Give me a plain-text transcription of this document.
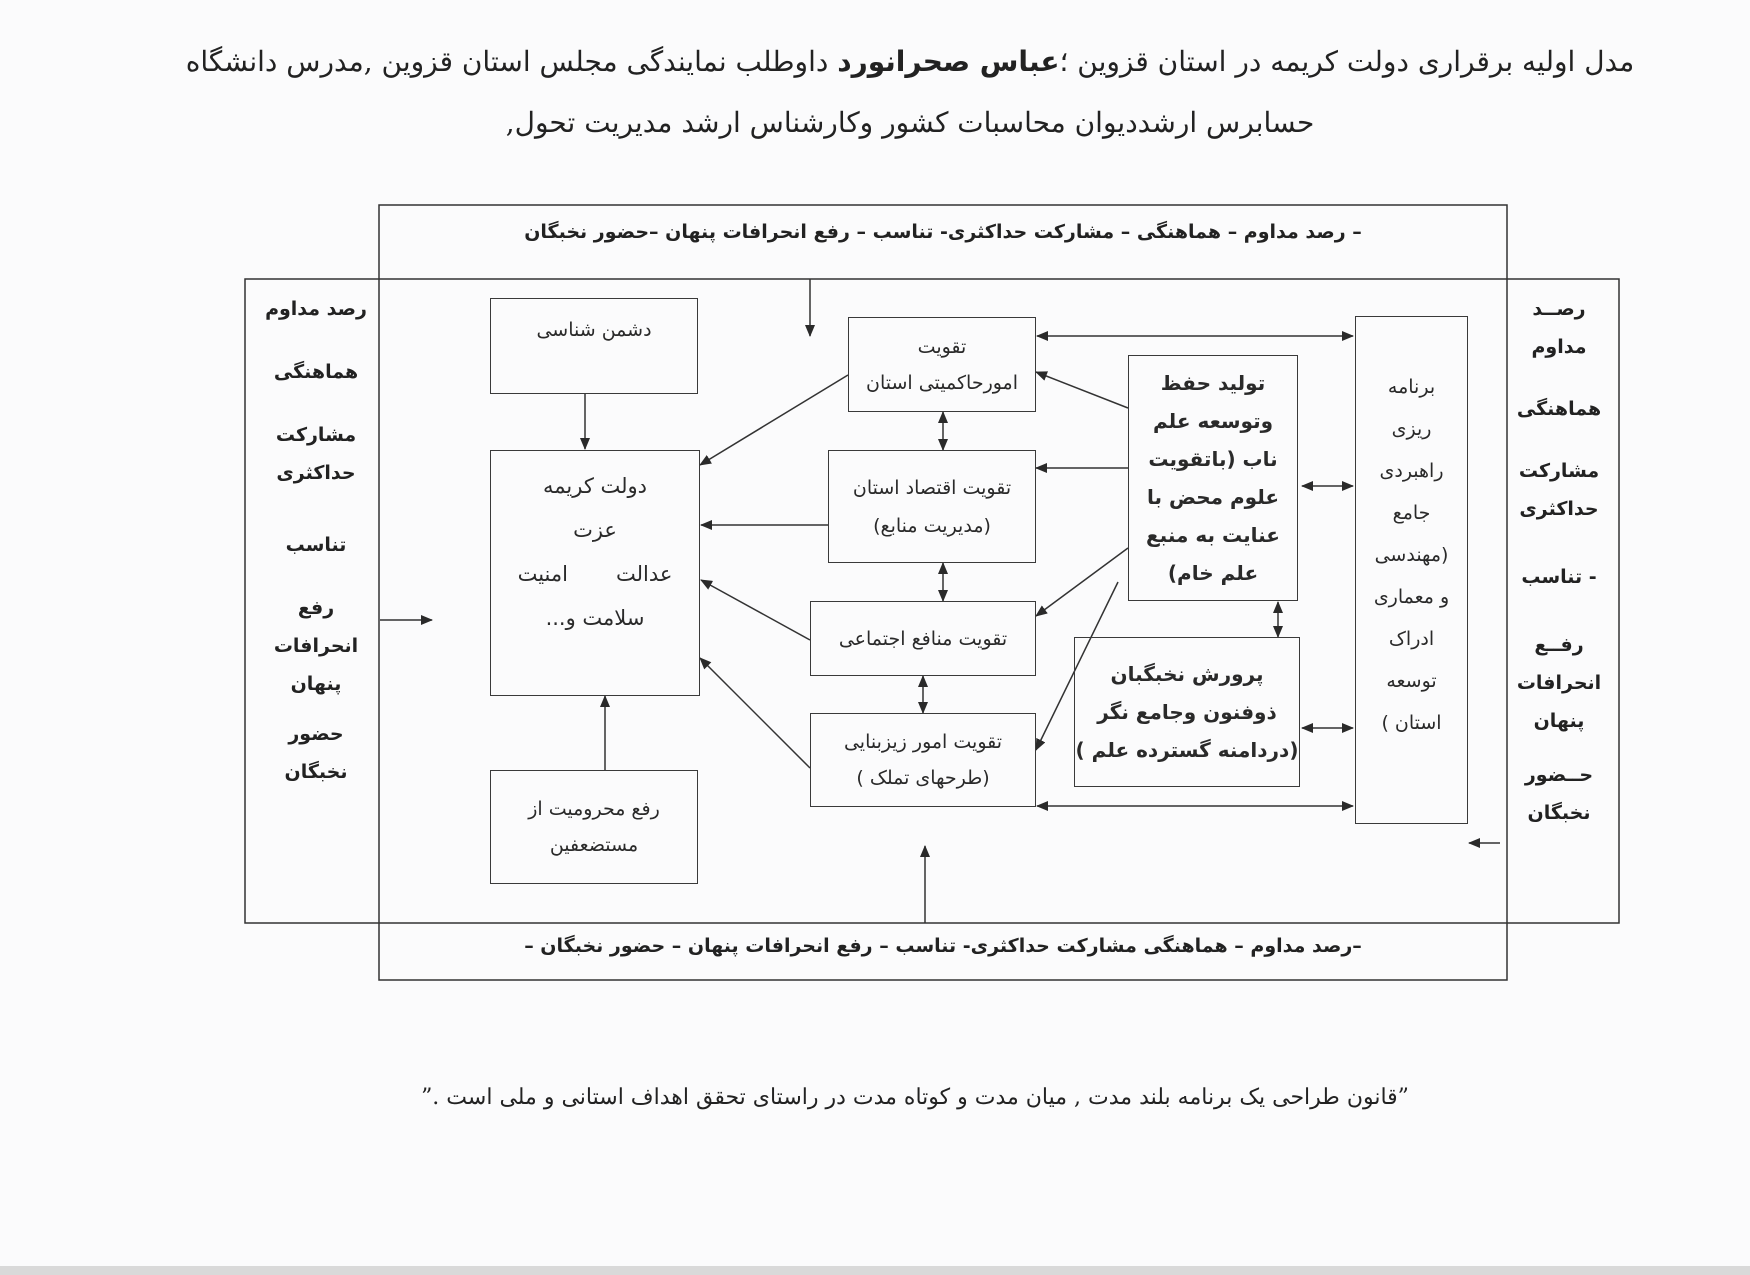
مدل اولیه برقراری دولت کریمه در استان قزوین ؛عباس صحرانورد داوطلب نمایندگی مجلس استان قزوین ,مدرس دانشگاه
حسابرس ارشددیوان محاسبات کشور وکارشناس ارشد مدیریت تحول,
– رصد مداوم – هماهنگی – مشارکت حداکثری- تناسب – رفع انحرافات پنهان –حضور نخبگان
–رصد مداوم – هماهنگی مشارکت حداکثری- تناسب – رفع انحرافات پنهان – حضور نخبگان –
رصد مداوم
هماهنگی
مشارکت
حداکثری
تناسب
رفع
انحرافات
پنهان
حضور
نخبگان
رصــد
مداوم
هماهنگی
مشارکت
حداکثری
- تناسب
رفــع
انحرافات
پنهان
حــضور
نخبگان
دشمن شناسی
دولت کریمه
عزت
عدالت
امنیت
سلامت و...
رفع محرومیت از
مستضعفین
تقویت
امورحاکمیتی استان
تقویت اقتصاد استان
(مدیریت منابع)
تقویت منافع اجتماعی
تقویت امور زیزبنایی
(طرحهای تملک )
تولید حفظ
وتوسعه علم
ناب (باتقویت
علوم محض با
عنایت به منبع
علم خام)
پرورش نخبگبان
ذوفنون وجامع نگر
(دردامنه گسترده علم )
برنامه
ریزی
راهبردی
جامع
(مهندسی
و معماری
ادراک
توسعه
استان )
”قانون طراحی یک برنامه بلند مدت , میان مدت و کوتاه مدت در راستای تحقق اهداف استانی و ملی است .”
